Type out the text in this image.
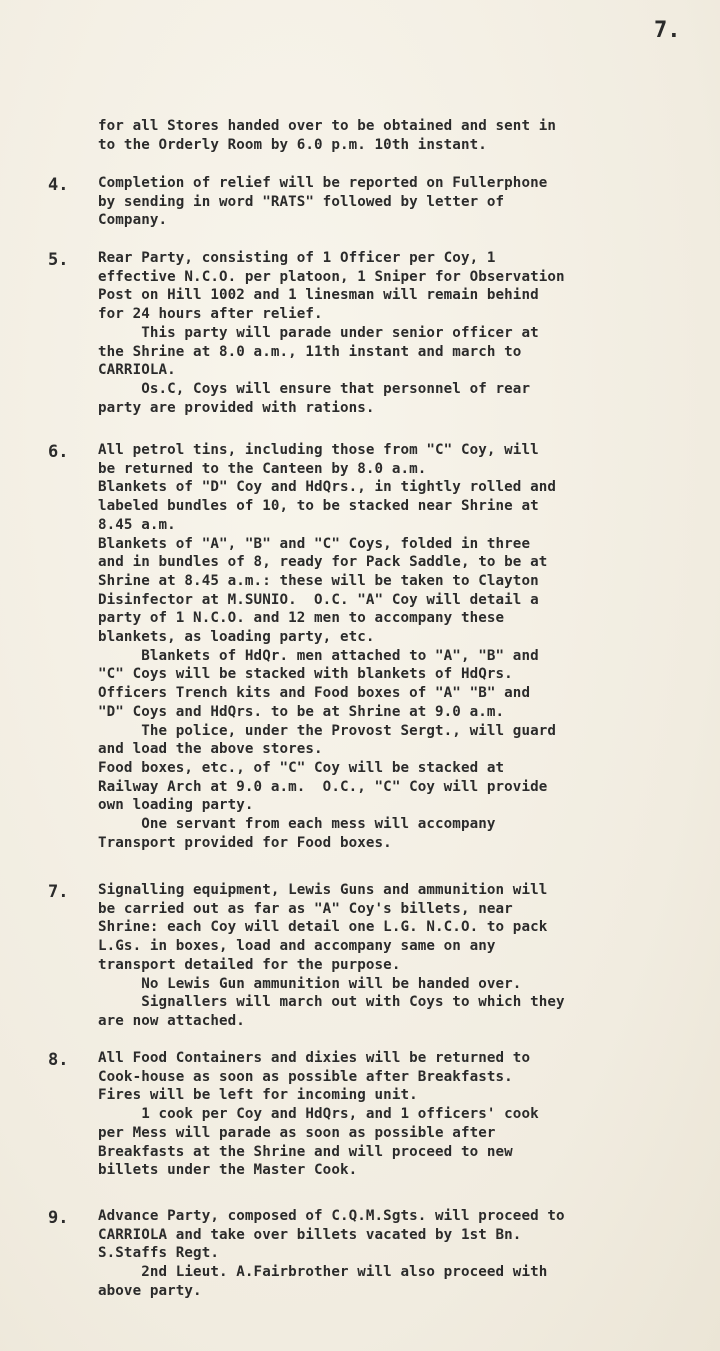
7.
for all Stores handed over to be obtained and sent in
to the Orderly Room by 6.0 p.m. 10th instant.
4. Completion of relief will be reported on Fullerphone
by sending in word "RATS" followed by letter of
Company.
5. Rear Party, consisting of 1 Officer per Coy, 1
effective N.C.O. per platoon, 1 Sniper for Observation
Post on Hill 1002 and 1 linesman will remain behind
for 24 hours after relief.
This party will parade under senior officer at
the Shrine at 8.0 a.m., 11th instant and march to
CARRIOLA.
Os.C, Coys will ensure that personnel of rear
party are provided with rations.
6. All petrol tins, including those from "C" Coy, will
be returned to the Canteen by 8.0 a.m.
Blankets of "D" Coy and HdQrs., in tightly rolled and
labeled bundles of 10, to be stacked near Shrine at
8.45 a.m.
Blankets of "A", "B" and "C" Coys, folded in three
and in bundles of 8, ready for Pack Saddle, to be at
Shrine at 8.45 a.m.: these will be taken to Clayton
Disinfector at M.SUNIO.  O.C. "A" Coy will detail a
party of 1 N.C.O. and 12 men to accompany these
blankets, as loading party, etc.
Blankets of HdQr. men attached to "A", "B" and
"C" Coys will be stacked with blankets of HdQrs.
Officers Trench kits and Food boxes of "A" "B" and
"D" Coys and HdQrs. to be at Shrine at 9.0 a.m.
The police, under the Provost Sergt., will guard
and load the above stores.
Food boxes, etc., of "C" Coy will be stacked at
Railway Arch at 9.0 a.m.  O.C., "C" Coy will provide
own loading party.
One servant from each mess will accompany
Transport provided for Food boxes.
7. Signalling equipment, Lewis Guns and ammunition will
be carried out as far as "A" Coy's billets, near
Shrine: each Coy will detail one L.G. N.C.O. to pack
L.Gs. in boxes, load and accompany same on any
transport detailed for the purpose.
No Lewis Gun ammunition will be handed over.
Signallers will march out with Coys to which they
are now attached.
8. All Food Containers and dixies will be returned to
Cook-house as soon as possible after Breakfasts.
Fires will be left for incoming unit.
1 cook per Coy and HdQrs, and 1 officers' cook
per Mess will parade as soon as possible after
Breakfasts at the Shrine and will proceed to new
billets under the Master Cook.
9. Advance Party, composed of C.Q.M.Sgts. will proceed to
CARRIOLA and take over billets vacated by 1st Bn.
S.Staffs Regt.
2nd Lieut. A.Fairbrother will also proceed with
above party.
